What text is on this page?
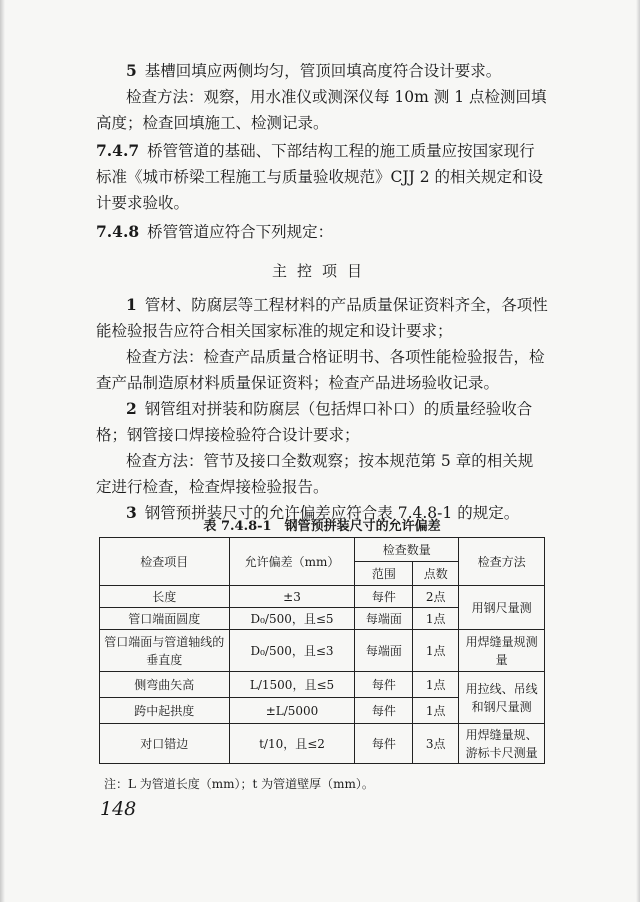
5 基槽回填应两侧均匀，管顶回填高度符合设计要求。

检查方法：观察，用水准仪或测深仪每 10m 测 1 点检测回填高度；检查回填施工、检测记录。

7.4.7 桥管管道的基础、下部结构工程的施工质量应按国家现行标准《城市桥梁工程施工与质量验收规范》CJJ 2 的相关规定和设计要求验收。

7.4.8 桥管管道应符合下列规定：

主控项目

1 管材、防腐层等工程材料的产品质量保证资料齐全，各项性能检验报告应符合相关国家标准的规定和设计要求；

检查方法：检查产品质量合格证明书、各项性能检验报告，检查产品制造原材料质量保证资料；检查产品进场验收记录。

2 钢管组对拼装和防腐层（包括焊口补口）的质量经验收合格；钢管接口焊接检验符合设计要求；

检查方法：管节及接口全数观察；按本规范第 5 章的相关规定进行检查，检查焊接检验报告。

3 钢管预拼装尺寸的允许偏差应符合表 7.4.8-1 的规定。

表 7.4.8-1　钢管预拼装尺寸的允许偏差
检查项目	允许偏差（mm）	检查数量		检查方法
		范围	点数	
长度	±3	每件	2点	用钢尺量测
管口端面圆度	D₀/500，且≤5	每端面	1点	
管口端面与管道轴线的垂直度	D₀/500，且≤3	每端面	1点	用焊缝量规测量
侧弯曲矢高	L/1500，且≤5	每件	1点	用拉线、吊线和钢尺量测
跨中起拱度	±L/5000	每件	1点	
对口错边	t/10，且≤2	每件	3点	用焊缝量规、游标卡尺测量
注：L 为管道长度（mm）；t 为管道壁厚（mm）。
148
